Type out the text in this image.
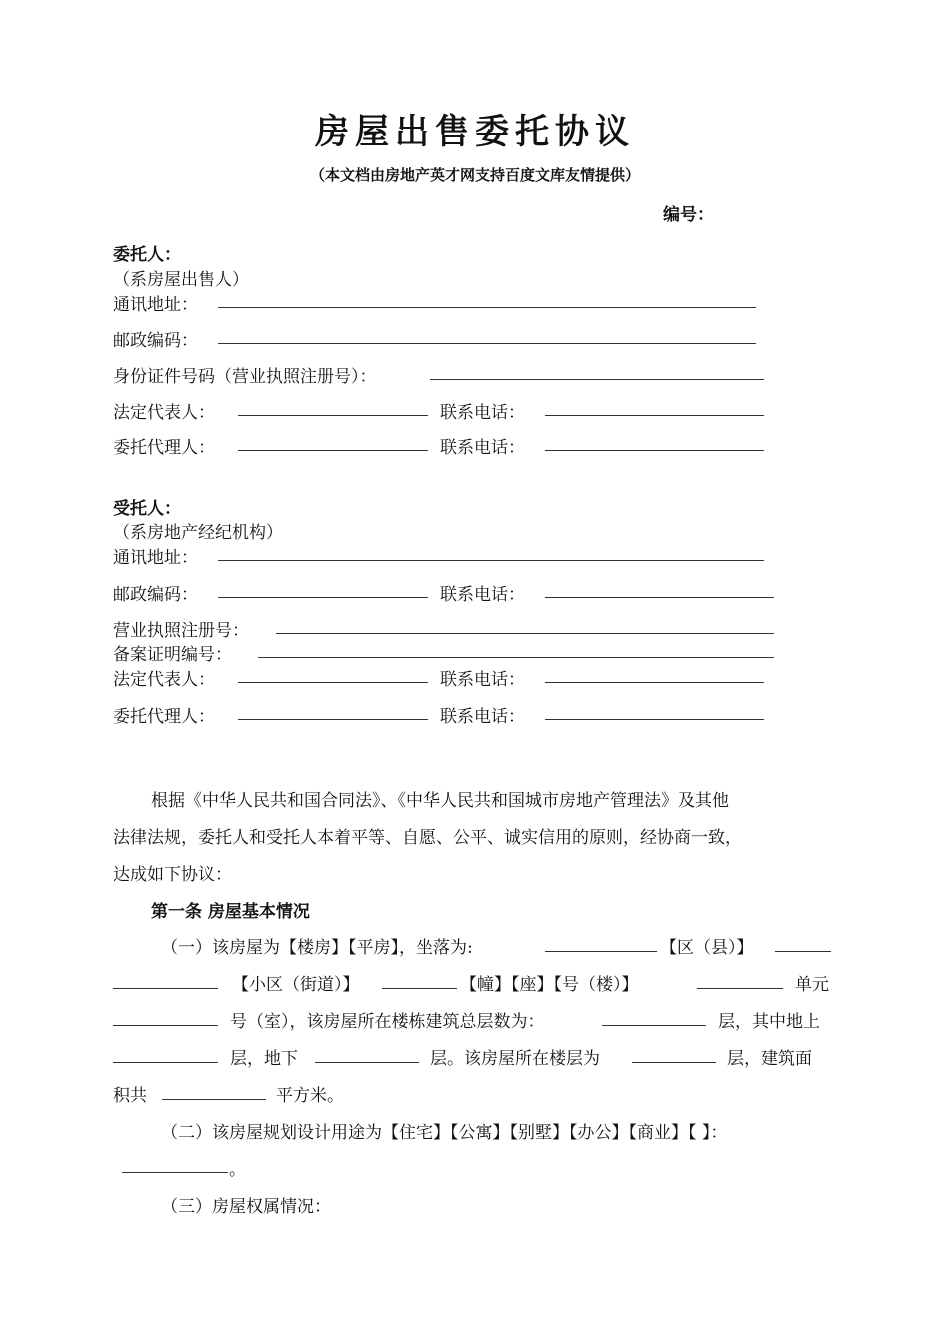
房屋出售委托协议
（本文档由房地产英才网支持百度文库友情提供）
编号：
委托人：
（系房屋出售人）
通讯地址：
邮政编码：
身份证件号码（营业执照注册号）：
法定代表人：	联系电话：
委托代理人：	联系电话：
受托人：
（系房地产经纪机构）
通讯地址：
邮政编码：	联系电话：
营业执照注册号：
备案证明编号：
法定代表人：	联系电话：
委托代理人：	联系电话：
根据《中华人民共和国合同法》、《中华人民共和国城市房地产管理法》及其他
法律法规，委托人和受托人本着平等、自愿、公平、诚实信用的原则，经协商一致，
达成如下协议：
第一条 房屋基本情况
（一）该房屋为【楼房】【平房】，坐落为:	【区（县）】
【小区（街道）】	【幢】【座】【号（楼）】	单元
号（室），该房屋所在楼栋建筑总层数为：	层，其中地上
层，地下	层。该房屋所在楼层为	层，建筑面
积共	平方米。
（二）该房屋规划设计用途为【住宅】【公寓】【别墅】【办公】【商业】【 】：
。
（三）房屋权属情况：
